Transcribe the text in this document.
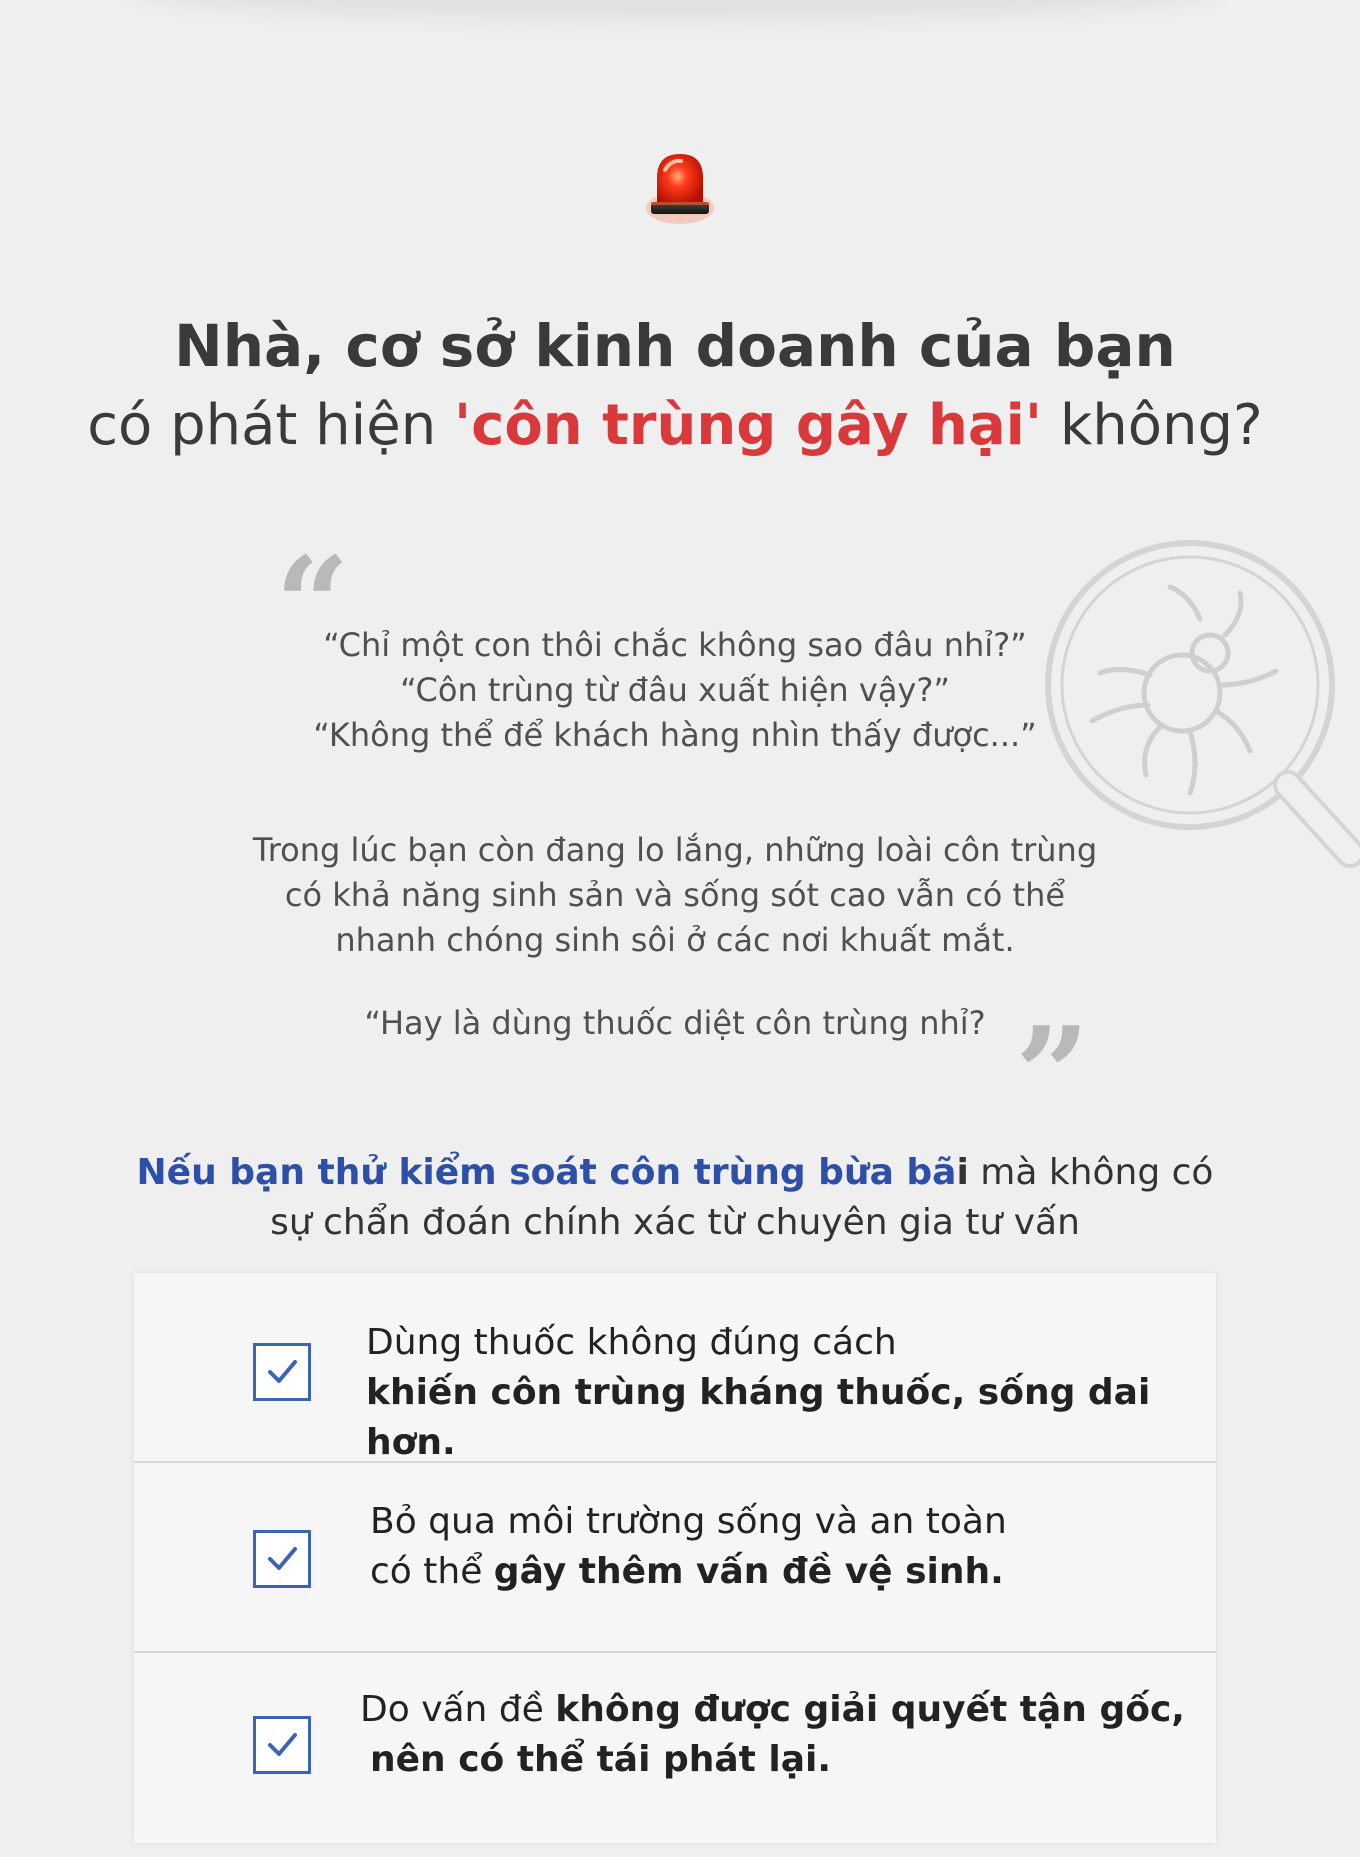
Nhà, cơ sở kinh doanh của bạn
có phát hiện 'côn trùng gây hại' không?
“
“Chỉ một con thôi chắc không sao đâu nhỉ?”
“Côn trùng từ đâu xuất hiện vậy?”
“Không thể để khách hàng nhìn thấy được...”
Trong lúc bạn còn đang lo lắng, những loài côn trùng
có khả năng sinh sản và sống sót cao vẫn có thể
nhanh chóng sinh sôi ở các nơi khuất mắt.
“Hay là dùng thuốc diệt côn trùng nhỉ? ”
Nếu bạn thử kiểm soát côn trùng bừa bãi mà không có
sự chẩn đoán chính xác từ chuyên gia tư vấn
Dùng thuốc không đúng cách
khiến côn trùng kháng thuốc, sống dai hơn.
Bỏ qua môi trường sống và an toàn
có thể gây thêm vấn đề vệ sinh.
Do vấn đề không được giải quyết tận gốc,
nên có thể tái phát lại.
